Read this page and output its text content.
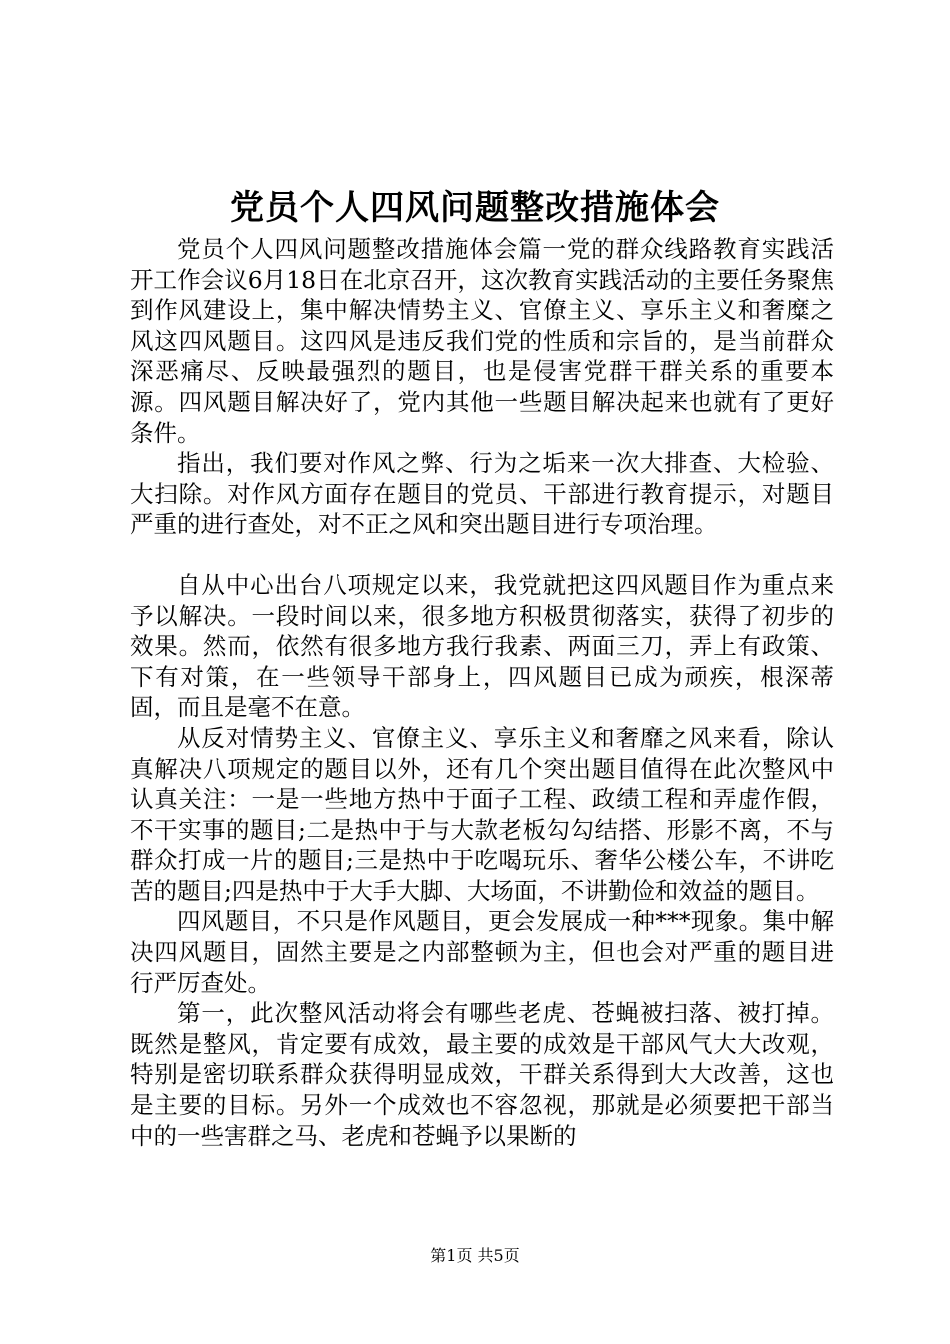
党员个人四风问题整改措施体会

党员个人四风问题整改措施体会篇一党的群众线路教育实践活开工作会议6月18日在北京召开，这次教育实践活动的主要任务聚焦到作风建设上，集中解决情势主义、官僚主义、享乐主义和奢糜之风这四风题目。这四风是违反我们党的性质和宗旨的，是当前群众深恶痛尽、反映最强烈的题目，也是侵害党群干群关系的重要本源。四风题目解决好了，党内其他一些题目解决起来也就有了更好条件。

指出，我们要对作风之弊、行为之垢来一次大排查、大检验、大扫除。对作风方面存在题目的党员、干部进行教育提示，对题目严重的进行查处，对不正之风和突出题目进行专项治理。

自从中心出台八项规定以来，我党就把这四风题目作为重点来予以解决。一段时间以来，很多地方积极贯彻落实，获得了初步的效果。然而，依然有很多地方我行我素、两面三刀，弄上有政策、下有对策，在一些领导干部身上，四风题目已成为顽疾，根深蒂固，而且是毫不在意。

从反对情势主义、官僚主义、享乐主义和奢靡之风来看，除认真解决八项规定的题目以外，还有几个突出题目值得在此次整风中认真关注：一是一些地方热中于面子工程、政绩工程和弄虚作假，不干实事的题目;二是热中于与大款老板勾勾结搭、形影不离，不与群众打成一片的题目;三是热中于吃喝玩乐、奢华公楼公车，不讲吃苦的题目;四是热中于大手大脚、大场面，不讲勤俭和效益的题目。

四风题目，不只是作风题目，更会发展成一种***现象。集中解决四风题目，固然主要是之内部整顿为主，但也会对严重的题目进行严厉查处。

第一，此次整风活动将会有哪些老虎、苍蝇被扫落、被打掉。既然是整风，肯定要有成效，最主要的成效是干部风气大大改观，特别是密切联系群众获得明显成效，干群关系得到大大改善，这也是主要的目标。另外一个成效也不容忽视，那就是必须要把干部当中的一些害群之马、老虎和苍蝇予以果断的

第1页 共5页
